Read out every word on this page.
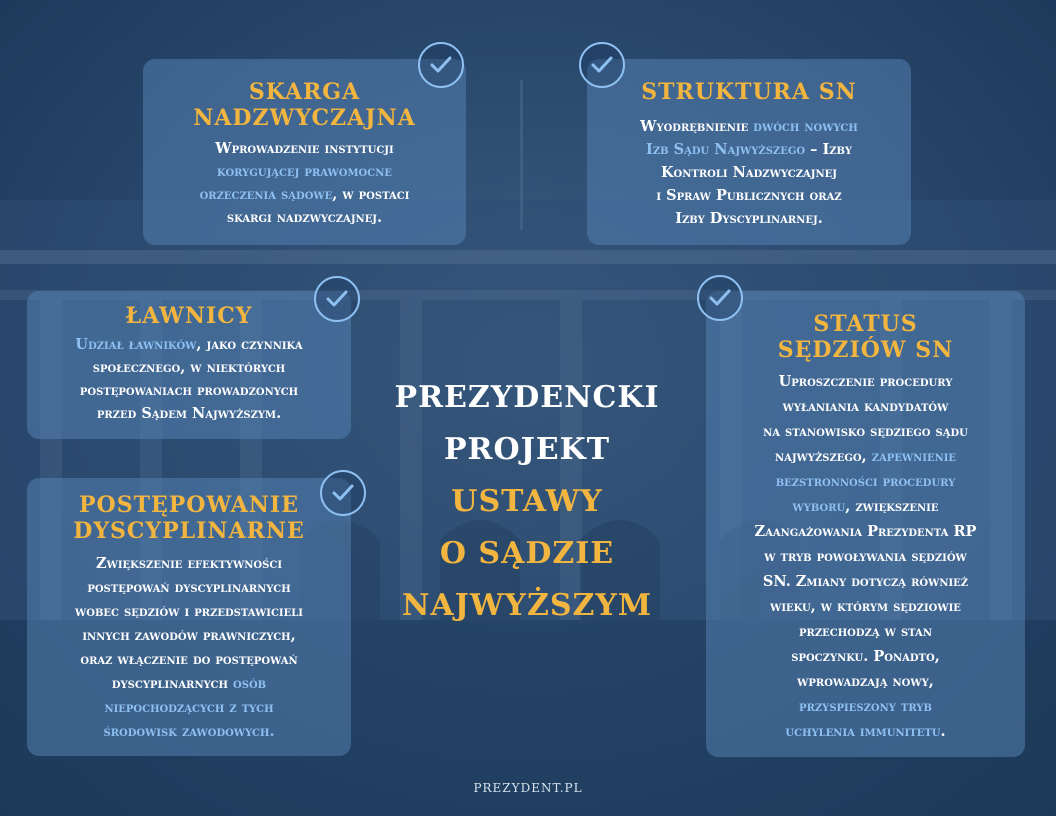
SKARGA
NADZWYCZAJNA

Wprowadzenie instytucji
korygującej prawomocne
orzeczenia sądowe, w postaci
skargi nadzwyczajnej.

STRUKTURA SN

Wyodrębnienie dwóch nowych
Izb Sądu Najwyższego – Izby
Kontroli Nadzwyczajnej
i Spraw Publicznych oraz
Izby Dyscyplinarnej.

ŁAWNICY

Udział ławników, jako czynnika
społecznego, w niektórych
postępowaniach prowadzonych
przed Sądem Najwyższym.

POSTĘPOWANIE
DYSCYPLINARNE

Zwiększenie efektywności
postępowań dyscyplinarnych
wobec sędziów i przedstawicieli
innych zawodów prawniczych,
oraz włączenie do postępowań
dyscyplinarnych osób
niepochodzących z tych
środowisk zawodowych.

STATUS
SĘDZIÓW SN

Uproszczenie procedury
wyłaniania kandydatów
na stanowisko sędziego sądu
najwyższego, zapewnienie
bezstronności procedury
wyboru, zwiększenie
Zaangażowania Prezydenta RP
w tryb powoływania sędziów
SN. Zmiany dotyczą również
wieku, w którym sędziowie
przechodzą w stan
spoczynku. Ponadto,
wprowadzają nowy,
przyspieszony tryb
uchylenia immunitetu.

PREZYDENCKI
PROJEKT
USTAWY
O SĄDZIE
NAJWYŻSZYM
PREZYDENT.PL
